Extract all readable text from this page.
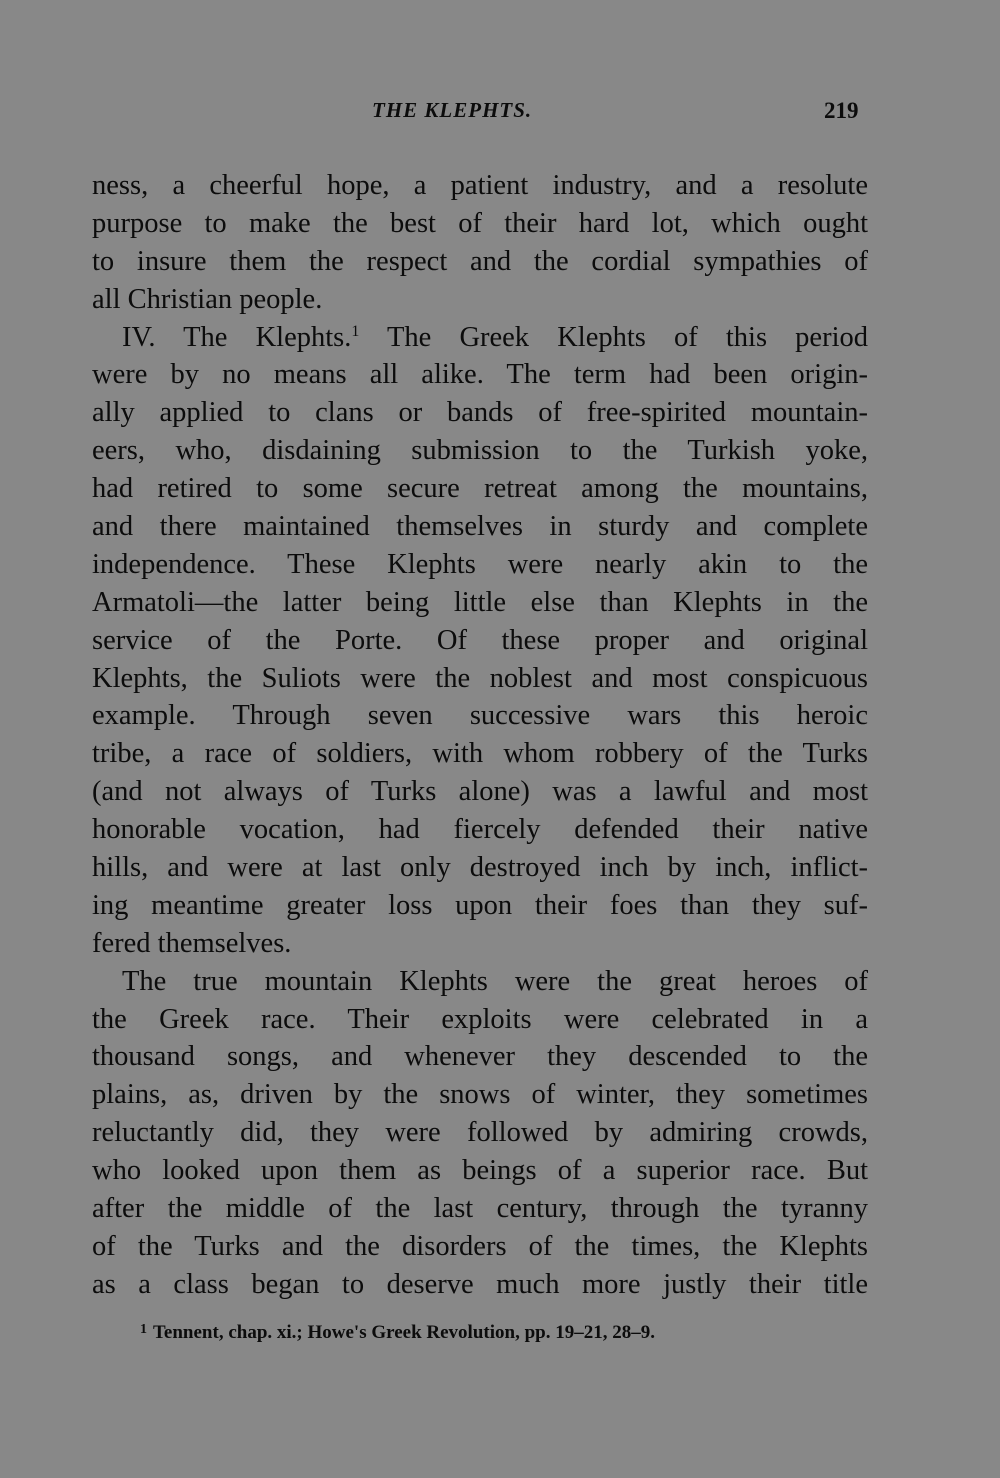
THE KLEPHTS.	219
ness, a cheerful hope, a patient industry, and a resolute
purpose to make the best of their hard lot, which ought
to insure them the respect and the cordial sympathies of
all Christian people.
IV. The Klephts.$^1$ The Greek Klephts of this period
were by no means all alike. The term had been origin-
ally applied to clans or bands of free-spirited mountain-
eers, who, disdaining submission to the Turkish yoke,
had retired to some secure retreat among the mountains,
and there maintained themselves in sturdy and complete
independence. These Klephts were nearly akin to the
Armatoli—the latter being little else than Klephts in the
service of the Porte. Of these proper and original
Klephts, the Suliots were the noblest and most conspicuous
example. Through seven successive wars this heroic
tribe, a race of soldiers, with whom robbery of the Turks
(and not always of Turks alone) was a lawful and most
honorable vocation, had fiercely defended their native
hills, and were at last only destroyed inch by inch, inflict-
ing meantime greater loss upon their foes than they suf-
fered themselves.
The true mountain Klephts were the great heroes of
the Greek race. Their exploits were celebrated in a
thousand songs, and whenever they descended to the
plains, as, driven by the snows of winter, they sometimes
reluctantly did, they were followed by admiring crowds,
who looked upon them as beings of a superior race. But
after the middle of the last century, through the tyranny
of the Turks and the disorders of the times, the Klephts
as a class began to deserve much more justly their title
$^1$ Tennent, chap. xi.; Howe's Greek Revolution, pp. 19–21, 28–9.
